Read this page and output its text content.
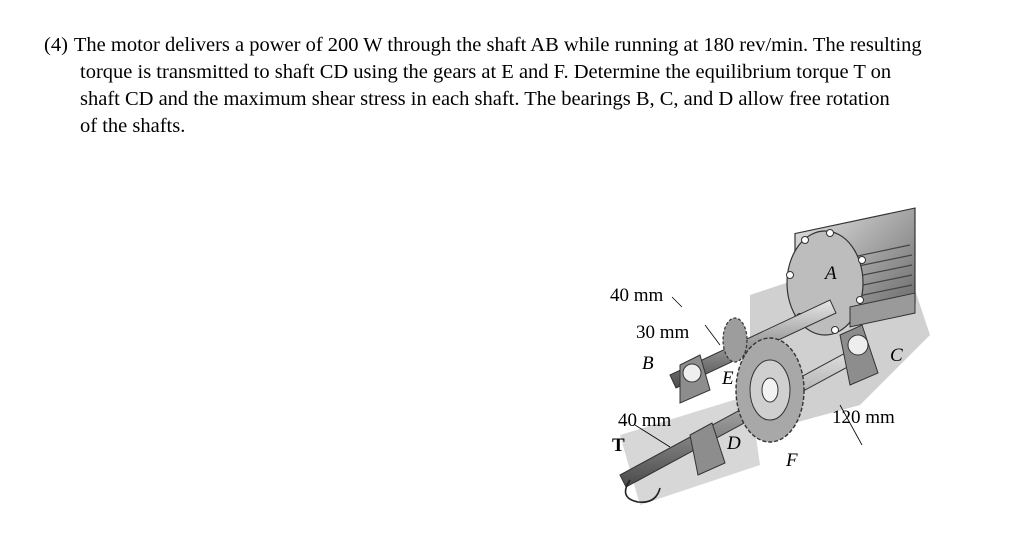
(4) The motor delivers a power of 200 W through the shaft AB while running at 180 rev/min. The resulting
torque is transmitted to shaft CD using the gears at E and F. Determine the equilibrium torque T on
shaft CD and the maximum shear stress in each shaft. The bearings B, C, and D allow free rotation
of the shafts.
40 mm
30 mm
B
E
A
C
40 mm	120 mm
T	D
F
